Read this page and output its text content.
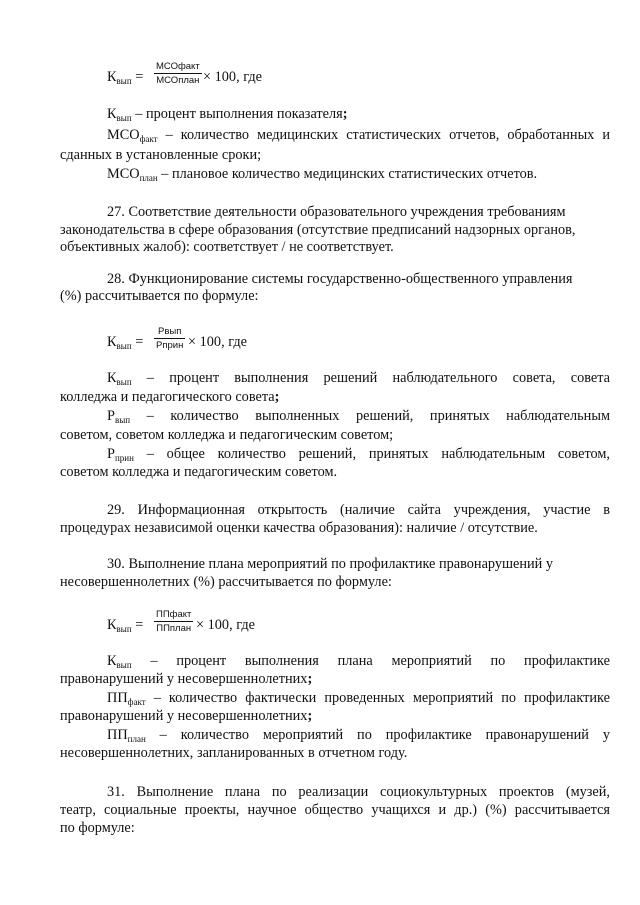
$К_{вып}$ =
МСОфакт
МСОплан × 100, где
$К_{вып}$ – процент выполнения показателя;
$МСО_{факт}$ – количество медицинских статистических отчетов, обработанных и
сданных в установленные сроки;
$МСО_{план}$ – плановое количество медицинских статистических отчетов.
27. Соответствие деятельности образовательного учреждения требованиям
законодательства в сфере образования (отсутствие предписаний надзорных органов,
объективных жалоб): соответствует / не соответствует.
28. Функционирование системы государственно-общественного управления
(%) рассчитывается по формуле:
$К_{вып}$ =
Рвып
Рприн × 100, где
$К_{вып}$ – процент выполнения решений наблюдательного совета, совета
колледжа и педагогического совета;
$Р_{вып}$ – количество выполненных решений, принятых наблюдательным
советом, советом колледжа и педагогическим советом;
$Р_{прин}$ – общее количество решений, принятых наблюдательным советом,
советом колледжа и педагогическим советом.
29. Информационная открытость (наличие сайта учреждения, участие в
процедурах независимой оценки качества образования): наличие / отсутствие.
30. Выполнение плана мероприятий по профилактике правонарушений у
несовершеннолетних (%) рассчитывается по формуле:
$К_{вып}$ =
ППфакт
ППплан × 100, где
$К_{вып}$ – процент выполнения плана мероприятий по профилактике
правонарушений у несовершеннолетних;
$ПП_{факт}$ – количество фактически проведенных мероприятий по профилактике
правонарушений у несовершеннолетних;
$ПП_{план}$ – количество мероприятий по профилактике правонарушений у
несовершеннолетних, запланированных в отчетном году.
31. Выполнение плана по реализации социокультурных проектов (музей,
театр, социальные проекты, научное общество учащихся и др.) (%) рассчитывается
по формуле:
